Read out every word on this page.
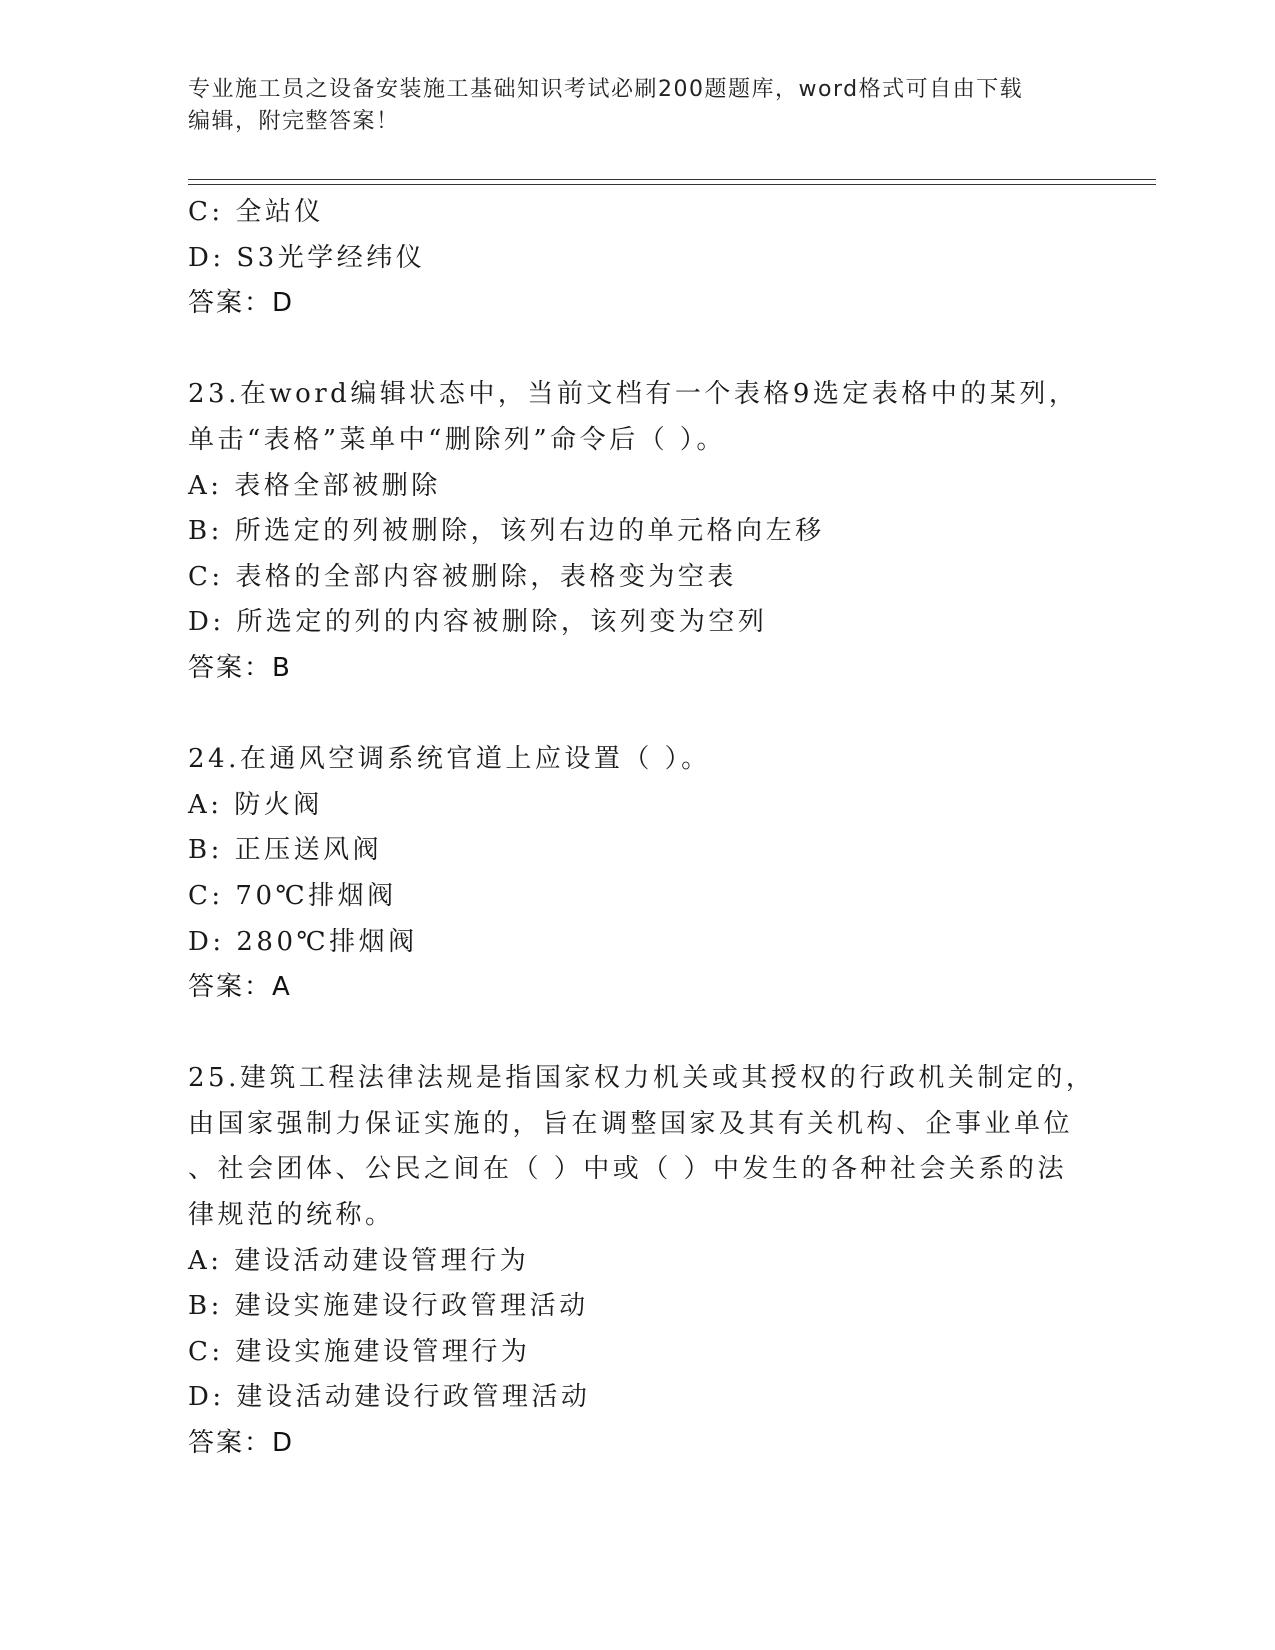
专业施工员之设备安装施工基础知识考试必刷200题题库，word格式可自由下载
编辑，附完整答案！
C: 全站仪
D: S3光学经纬仪
答案：D
23.在word编辑状态中，当前文档有一个表格9选定表格中的某列，
单击“表格”菜单中“删除列”命令后（ ）。
A: 表格全部被删除
B: 所选定的列被删除，该列右边的单元格向左移
C: 表格的全部内容被删除，表格变为空表
D: 所选定的列的内容被删除，该列变为空列
答案：B
24.在通风空调系统官道上应设置（ ）。
A: 防火阀
B: 正压送风阀
C: 70℃排烟阀
D: 280℃排烟阀
答案：A
25.建筑工程法律法规是指国家权力机关或其授权的行政机关制定的，
由国家强制力保证实施的，旨在调整国家及其有关机构、企事业单位
、社会团体、公民之间在（ ）中或（ ）中发生的各种社会关系的法
律规范的统称。
A: 建设活动建设管理行为
B: 建设实施建设行政管理活动
C: 建设实施建设管理行为
D: 建设活动建设行政管理活动
答案：D
